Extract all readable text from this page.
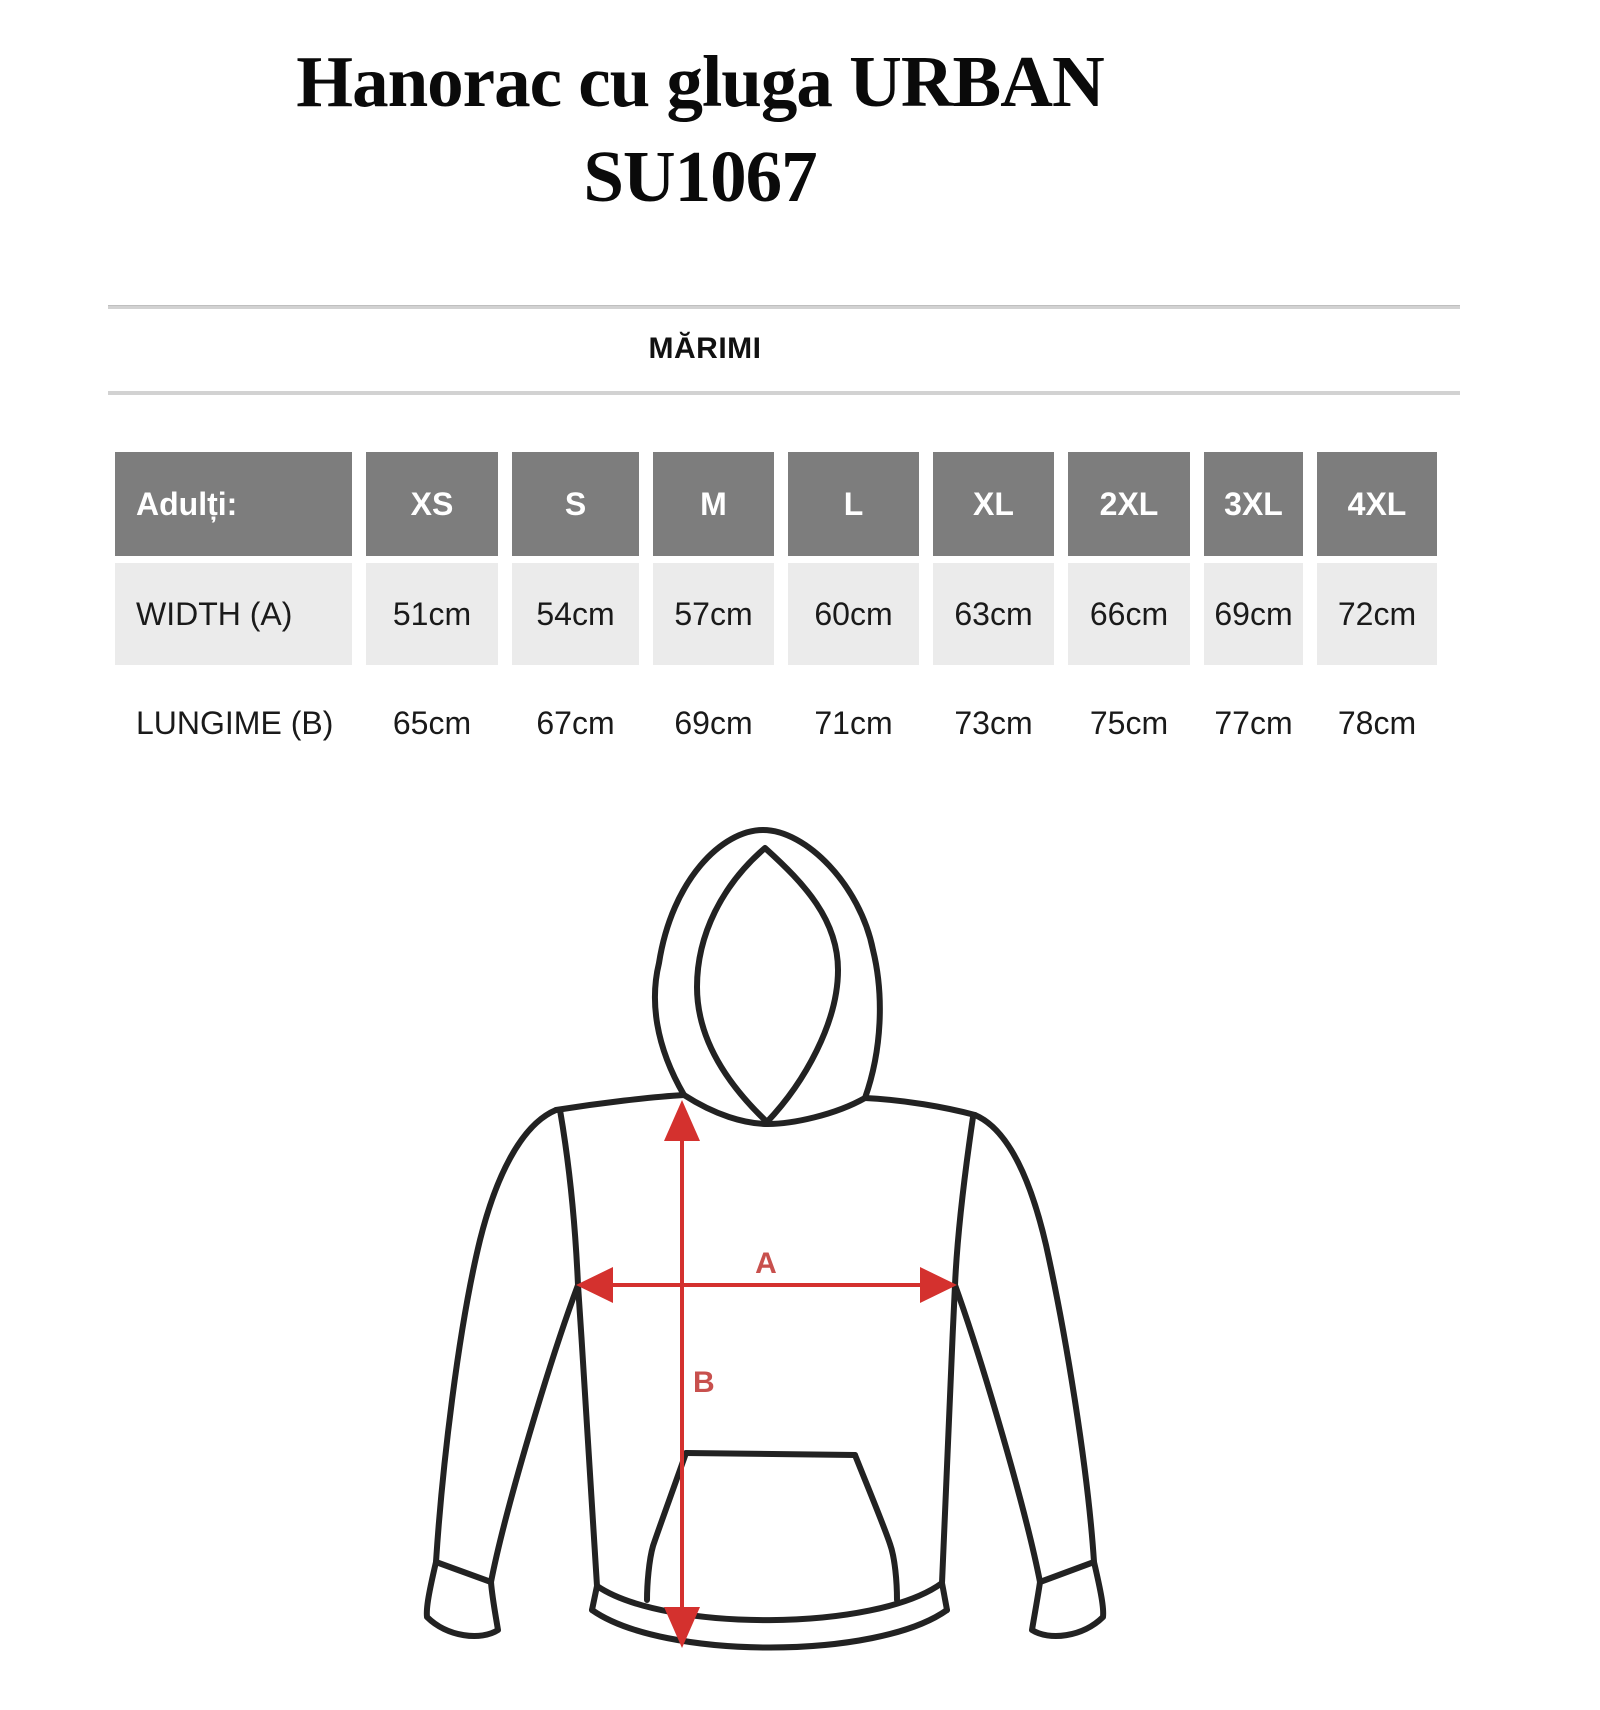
Hanorac cu gluga URBAN
SU1067
MĂRIMI
Adulți:	XS	S	M	L	XL	2XL	3XL	4XL
WIDTH (A)	51cm	54cm	57cm	60cm	63cm	66cm	69cm	72cm
LUNGIME (B)	65cm	67cm	69cm	71cm	73cm	75cm	77cm	78cm
A
B
